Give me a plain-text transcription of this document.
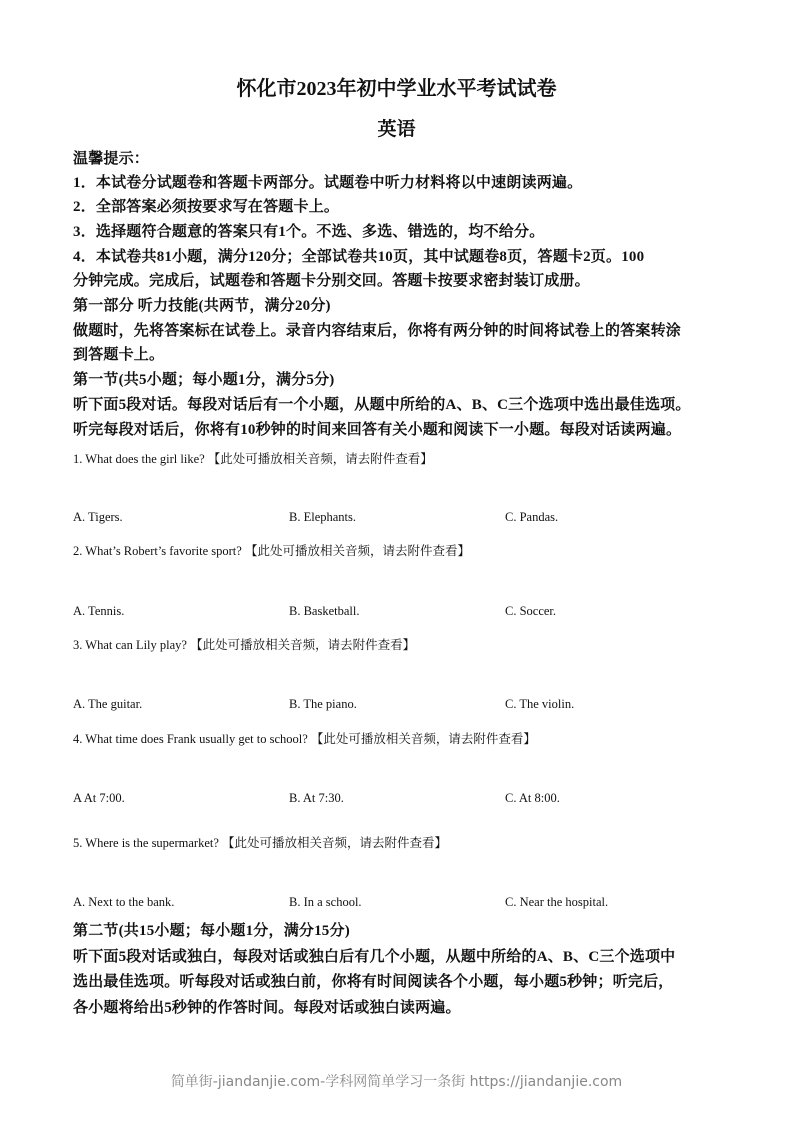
怀化市2023年初中学业水平考试试卷
英语
温馨提示：
1．本试卷分试题卷和答题卡两部分。试题卷中听力材料将以中速朗读两遍。
2．全部答案必须按要求写在答题卡上。
3．选择题符合题意的答案只有1个。不选、多选、错选的，均不给分。
4．本试卷共81小题，满分120分；全部试卷共10页，其中试题卷8页，答题卡2页。100
分钟完成。完成后，试题卷和答题卡分别交回。答题卡按要求密封装订成册。
第一部分 听力技能(共两节，满分20分)
做题时，先将答案标在试卷上。录音内容结束后，你将有两分钟的时间将试卷上的答案转涂
到答题卡上。
第一节(共5小题；每小题1分，满分5分)
听下面5段对话。每段对话后有一个小题，从题中所给的A、B、C三个选项中选出最佳选项。
听完每段对话后，你将有10秒钟的时间来回答有关小题和阅读下一小题。每段对话读两遍。
1. What does the girl like? 【此处可播放相关音频，请去附件查看】
A. Tigers.	B. Elephants.	C. Pandas.
2. What’s Robert’s favorite sport? 【此处可播放相关音频，请去附件查看】
A. Tennis.	B. Basketball.	C. Soccer.
3. What can Lily play? 【此处可播放相关音频，请去附件查看】
A. The guitar.	B. The piano.	C. The violin.
4. What time does Frank usually get to school? 【此处可播放相关音频，请去附件查看】
A At 7:00.	B. At 7:30.	C. At 8:00.
5. Where is the supermarket? 【此处可播放相关音频，请去附件查看】
A. Next to the bank.	B. In a school.	C. Near the hospital.
第二节(共15小题；每小题1分，满分15分)
听下面5段对话或独白，每段对话或独白后有几个小题，从题中所给的A、B、C三个选项中
选出最佳选项。听每段对话或独白前，你将有时间阅读各个小题，每小题5秒钟；听完后，
各小题将给出5秒钟的作答时间。每段对话或独白读两遍。
简单街-jiandanjie.com-学科网简单学习一条街 https://jiandanjie.com
